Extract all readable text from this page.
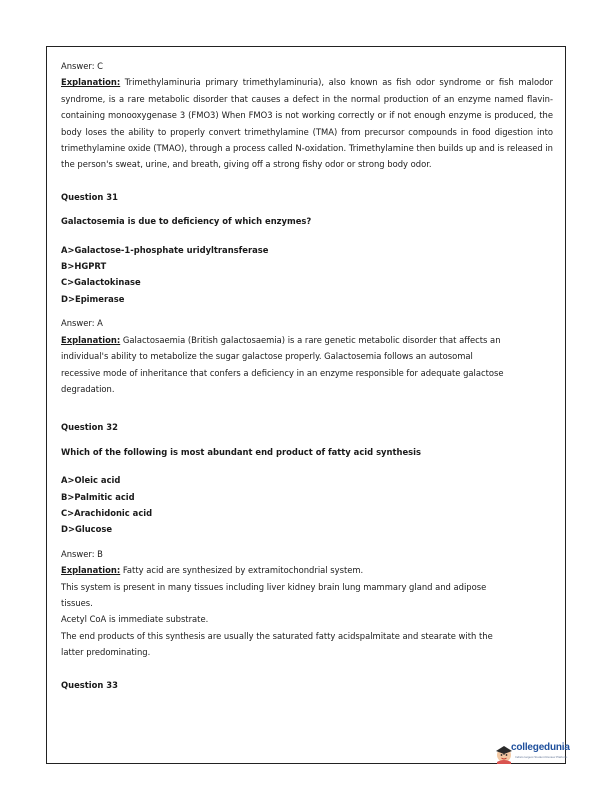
Answer: C

Explanation: Trimethylaminuria primary trimethylaminuria), also known as fish odor syndrome or fish malodor syndrome, is a rare metabolic disorder that causes a defect in the normal production of an enzyme named flavin-containing monooxygenase 3 (FMO3) When FMO3 is not working correctly or if not enough enzyme is produced, the body loses the ability to properly convert trimethylamine (TMA) from precursor compounds in food digestion into trimethylamine oxide (TMAO), through a process called N-oxidation. Trimethylamine then builds up and is released in the person's sweat, urine, and breath, giving off a strong fishy odor or strong body odor.

Question 31

Galactosemia is due to deficiency of which enzymes?

A>Galactose-1-phosphate uridyltransferase

B>HGPRT

C>Galactokinase

D>Epimerase

Answer: A

Explanation: Galactosaemia (British galactosaemia) is a rare genetic metabolic disorder that affects an

individual's ability to metabolize the sugar galactose properly. Galactosemia follows an autosomal

recessive mode of inheritance that confers a deficiency in an enzyme responsible for adequate galactose

degradation.

Question 32

Which of the following is most abundant end product of fatty acid synthesis

A>Oleic acid

B>Palmitic acid

C>Arachidonic acid

D>Glucose

Answer: B

Explanation: Fatty acid are synthesized by extramitochondrial system.

This system is present in many tissues including liver kidney brain lung mammary gland and adipose

tissues.

Acetyl CoA is immediate substrate.

The end products of this synthesis are usually the saturated fatty acidspalmitate and stearate with the

latter predominating.

Question 33

collegedunia
India's largest Student Review Platform
